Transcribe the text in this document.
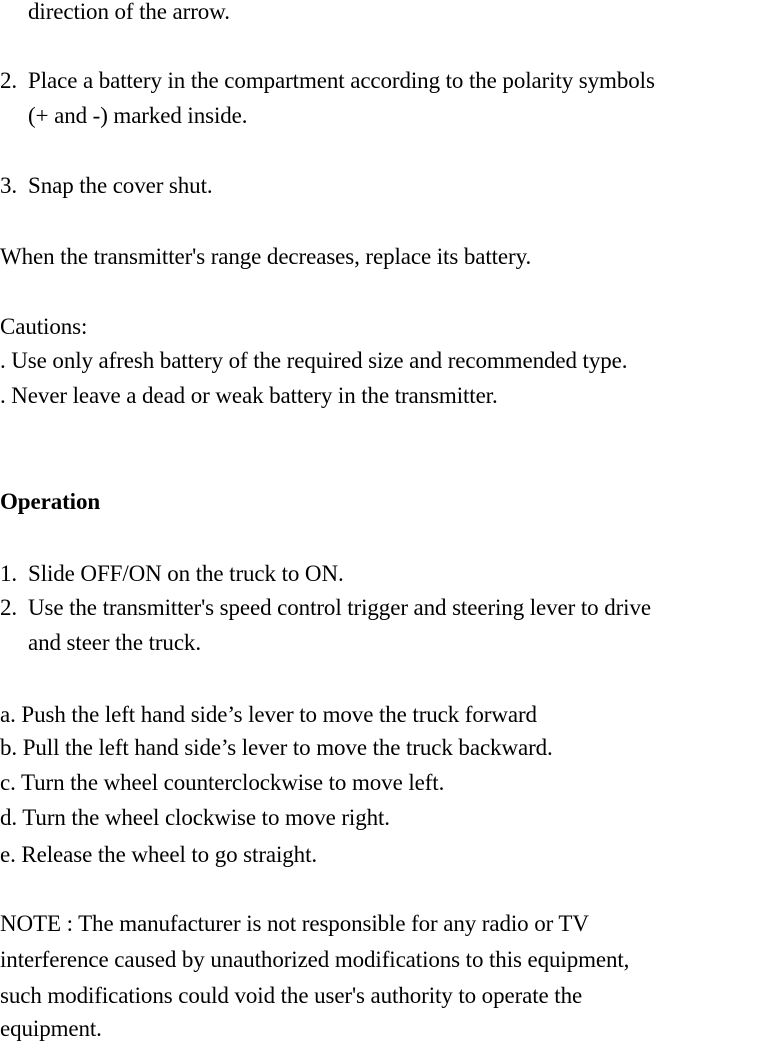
direction of the arrow.
2. Place a battery in the compartment according to the polarity symbols
(+ and -) marked inside.
3. Snap the cover shut.
When the transmitter's range decreases, replace its battery.
Cautions:
. Use only afresh battery of the required size and recommended type.
. Never leave a dead or weak battery in the transmitter.
Operation
1. Slide OFF/ON on the truck to ON.
2. Use the transmitter's speed control trigger and steering lever to drive
and steer the truck.
a. Push the left hand side’s lever to move the truck forward
b. Pull the left hand side’s lever to move the truck backward.
c. Turn the wheel counterclockwise to move left.
d. Turn the wheel clockwise to move right.
e. Release the wheel to go straight.
NOTE : The manufacturer is not responsible for any radio or TV
interference caused by unauthorized modifications to this equipment,
such modifications could void the user's authority to operate the
equipment.
